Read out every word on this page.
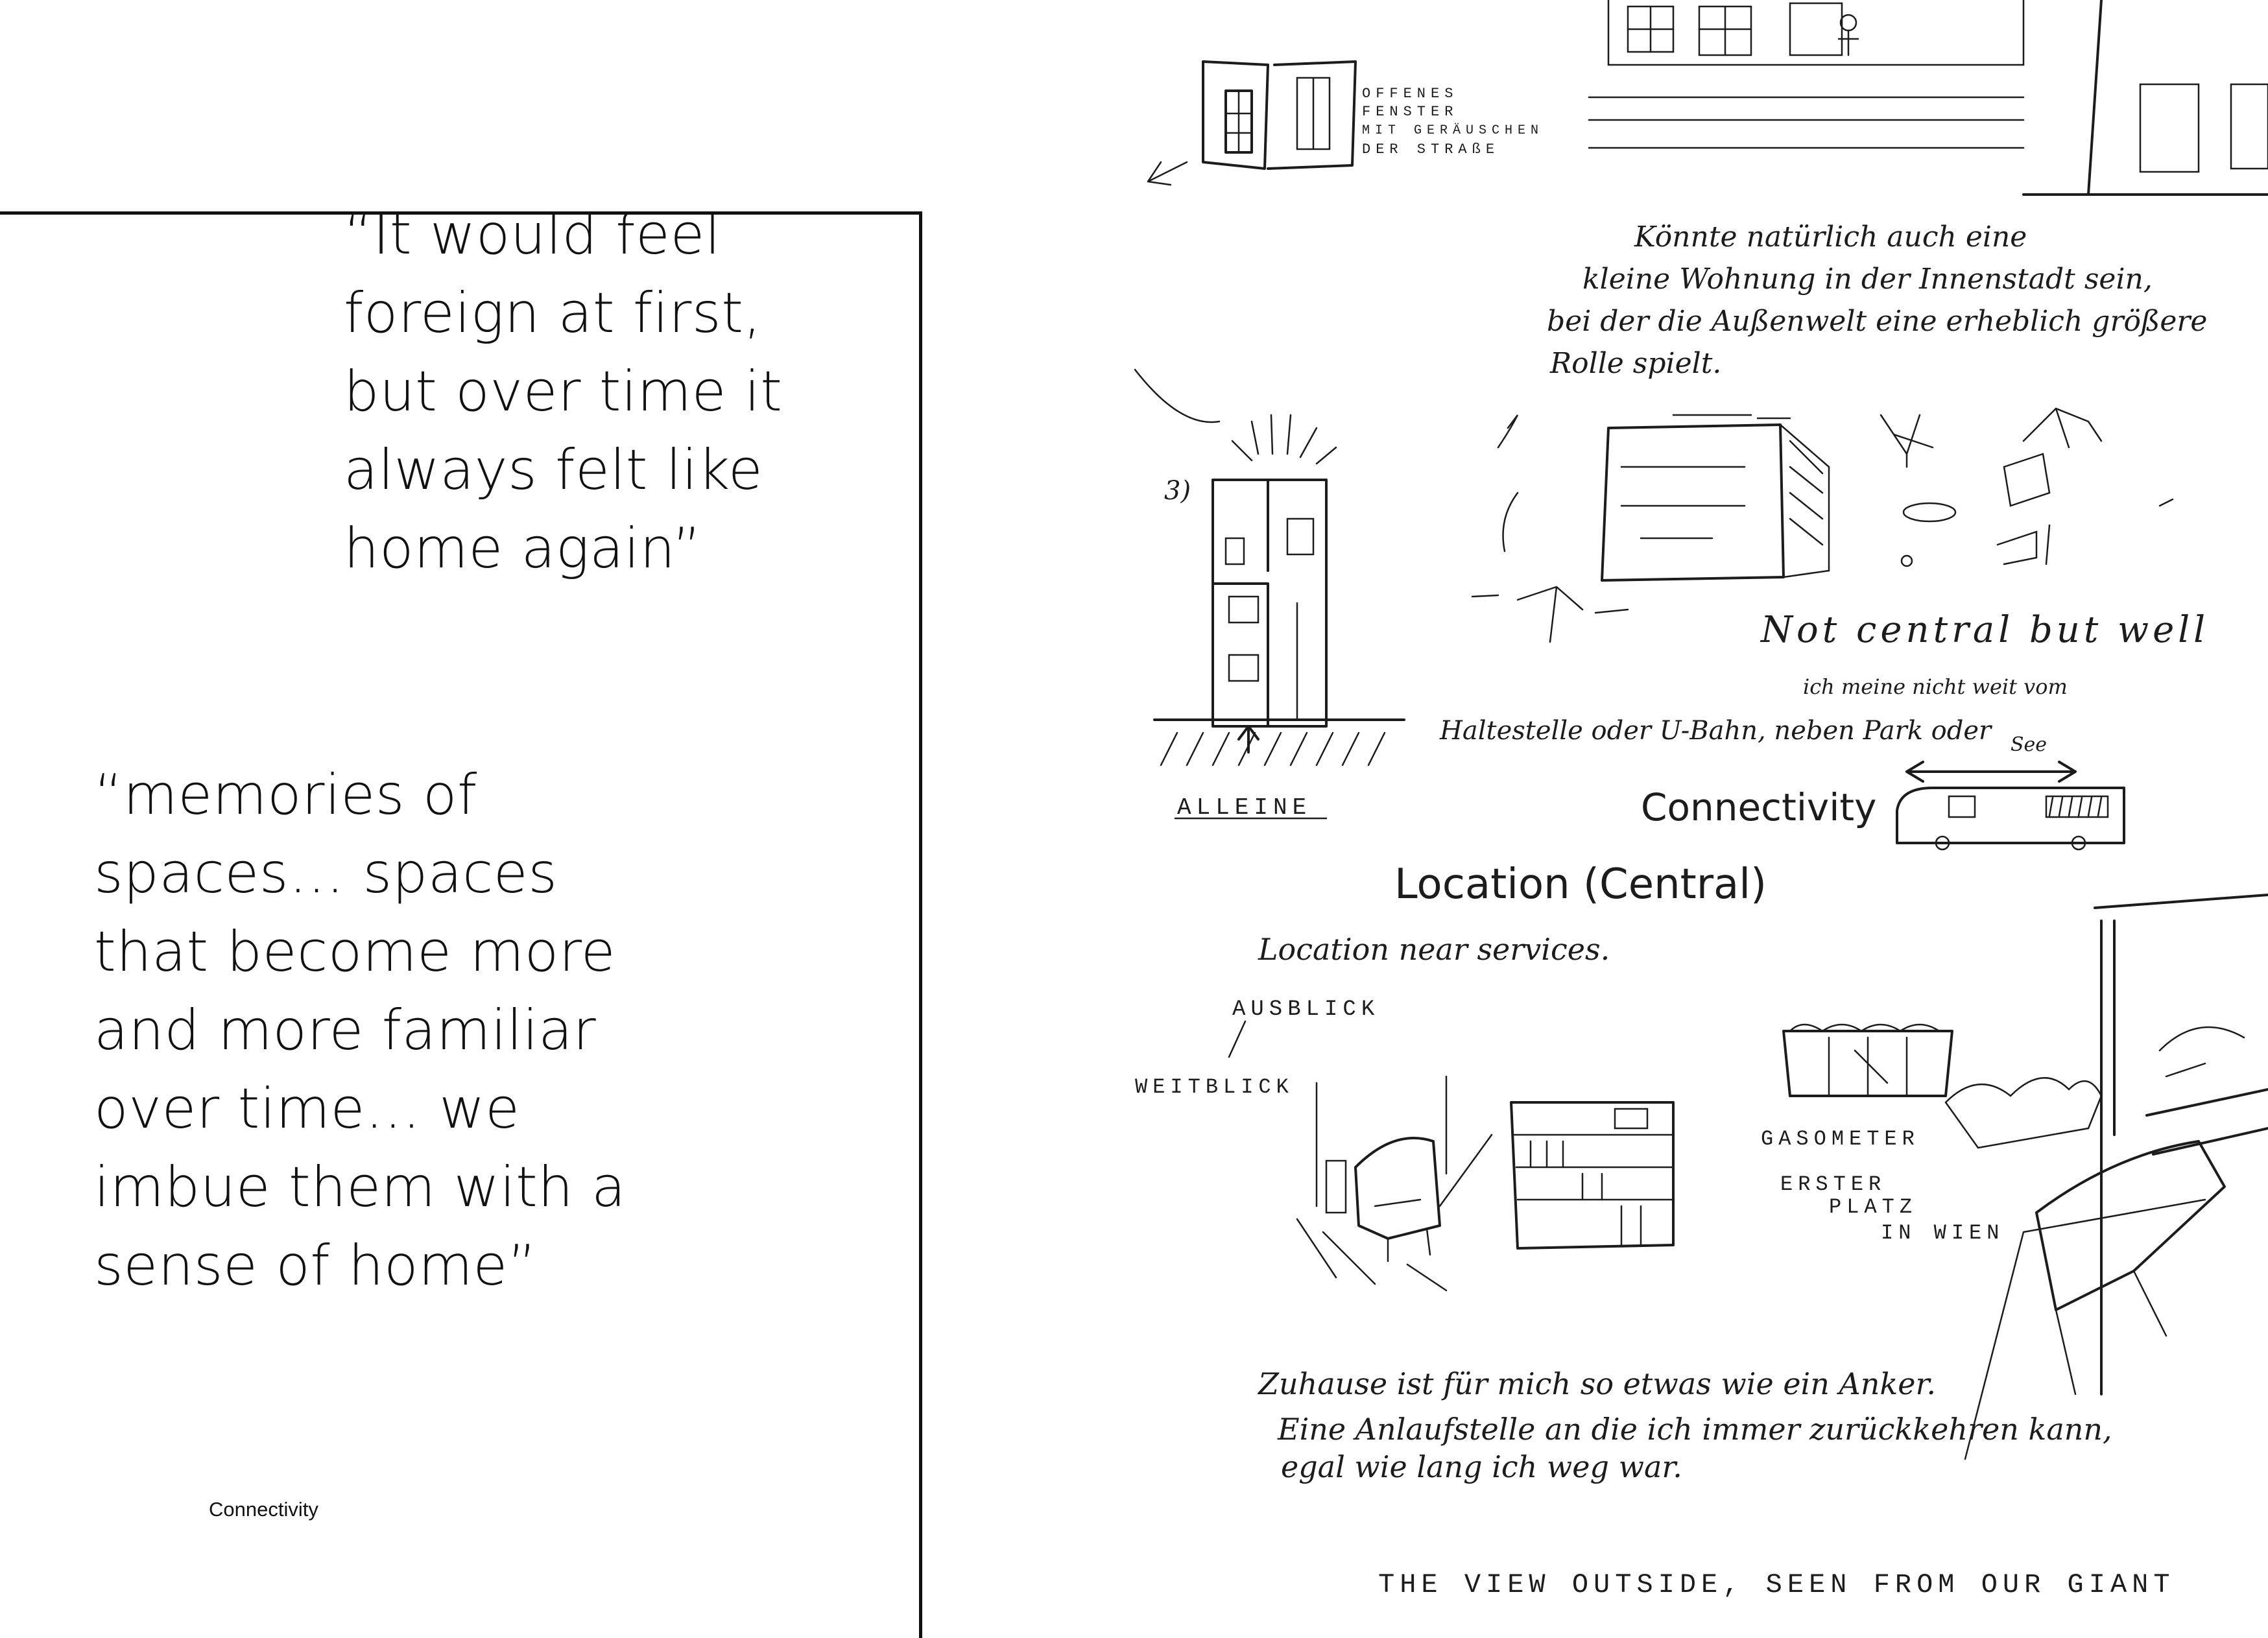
“It would feel
foreign at first,
but over time it
always felt like
home again”
“memories of
spaces… spaces
that become more
and more familiar
over time… we
imbue them with a
sense of home”
Connectivity
OFFENES
FENSTER
MIT GERÄUSCHEN
DER STRAßE
Könnte natürlich auch eine
kleine Wohnung in der Innenstadt sein,
bei der die Außenwelt eine erheblich größere
Rolle spielt.
3)
ALLEINE
Not central but well
ich meine nicht weit vom
Haltestelle oder U-Bahn, neben Park oder See
Connectivity
Location (Central)
Location near services.
AUSBLICK
WEITBLICK
GASOMETER
ERSTER
PLATZ
IN WIEN
Zuhause ist für mich so etwas wie ein Anker.
Eine Anlaufstelle an die ich immer zurückkehren kann,
egal wie lang ich weg war.
THE VIEW OUTSIDE, SEEN FROM OUR GIANT
